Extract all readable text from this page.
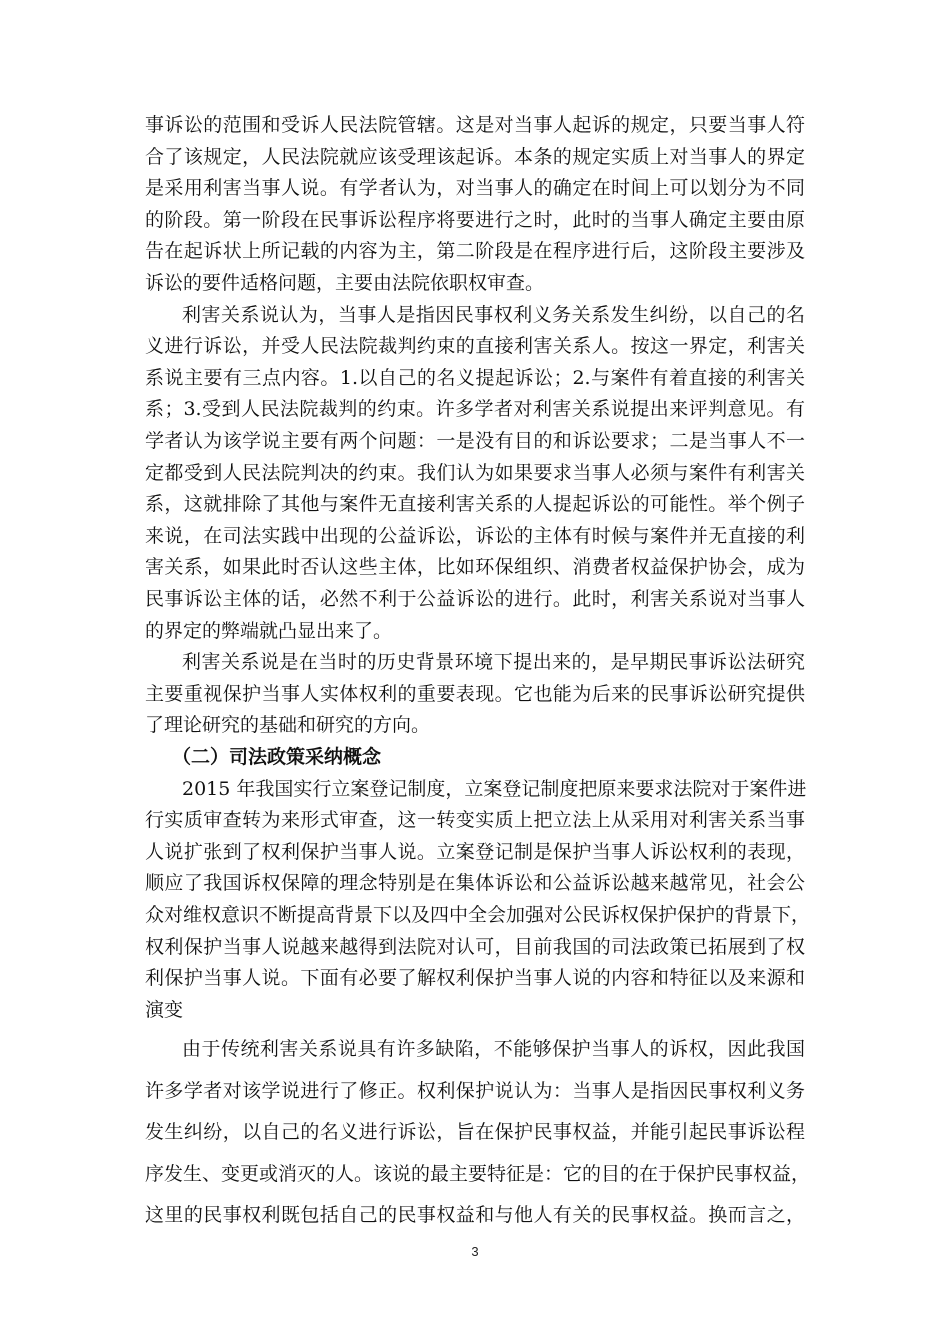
事诉讼的范围和受诉人民法院管辖。这是对当事人起诉的规定，只要当事人符
合了该规定，人民法院就应该受理该起诉。本条的规定实质上对当事人的界定
是采用利害当事人说。有学者认为，对当事人的确定在时间上可以划分为不同
的阶段。第一阶段在民事诉讼程序将要进行之时，此时的当事人确定主要由原
告在起诉状上所记载的内容为主，第二阶段是在程序进行后，这阶段主要涉及
诉讼的要件适格问题，主要由法院依职权审查。
利害关系说认为，当事人是指因民事权利义务关系发生纠纷，以自己的名
义进行诉讼，并受人民法院裁判约束的直接利害关系人。按这一界定，利害关
系说主要有三点内容。1.以自己的名义提起诉讼；2.与案件有着直接的利害关
系；3.受到人民法院裁判的约束。许多学者对利害关系说提出来评判意见。有
学者认为该学说主要有两个问题：一是没有目的和诉讼要求；二是当事人不一
定都受到人民法院判决的约束。我们认为如果要求当事人必须与案件有利害关
系，这就排除了其他与案件无直接利害关系的人提起诉讼的可能性。举个例子
来说，在司法实践中出现的公益诉讼，诉讼的主体有时候与案件并无直接的利
害关系，如果此时否认这些主体，比如环保组织、消费者权益保护协会，成为
民事诉讼主体的话，必然不利于公益诉讼的进行。此时，利害关系说对当事人
的界定的弊端就凸显出来了。
利害关系说是在当时的历史背景环境下提出来的，是早期民事诉讼法研究
主要重视保护当事人实体权利的重要表现。它也能为后来的民事诉讼研究提供
了理论研究的基础和研究的方向。
（二）司法政策采纳概念
2015 年我国实行立案登记制度，立案登记制度把原来要求法院对于案件进
行实质审查转为来形式审查，这一转变实质上把立法上从采用对利害关系当事
人说扩张到了权利保护当事人说。立案登记制是保护当事人诉讼权利的表现，
顺应了我国诉权保障的理念特别是在集体诉讼和公益诉讼越来越常见，社会公
众对维权意识不断提高背景下以及四中全会加强对公民诉权保护保护的背景下，
权利保护当事人说越来越得到法院对认可，目前我国的司法政策已拓展到了权
利保护当事人说。下面有必要了解权利保护当事人说的内容和特征以及来源和
演变
由于传统利害关系说具有许多缺陷，不能够保护当事人的诉权，因此我国
许多学者对该学说进行了修正。权利保护说认为：当事人是指因民事权利义务
发生纠纷，以自己的名义进行诉讼，旨在保护民事权益，并能引起民事诉讼程
序发生、变更或消灭的人。该说的最主要特征是：它的目的在于保护民事权益，
这里的民事权利既包括自己的民事权益和与他人有关的民事权益。换而言之，
3
